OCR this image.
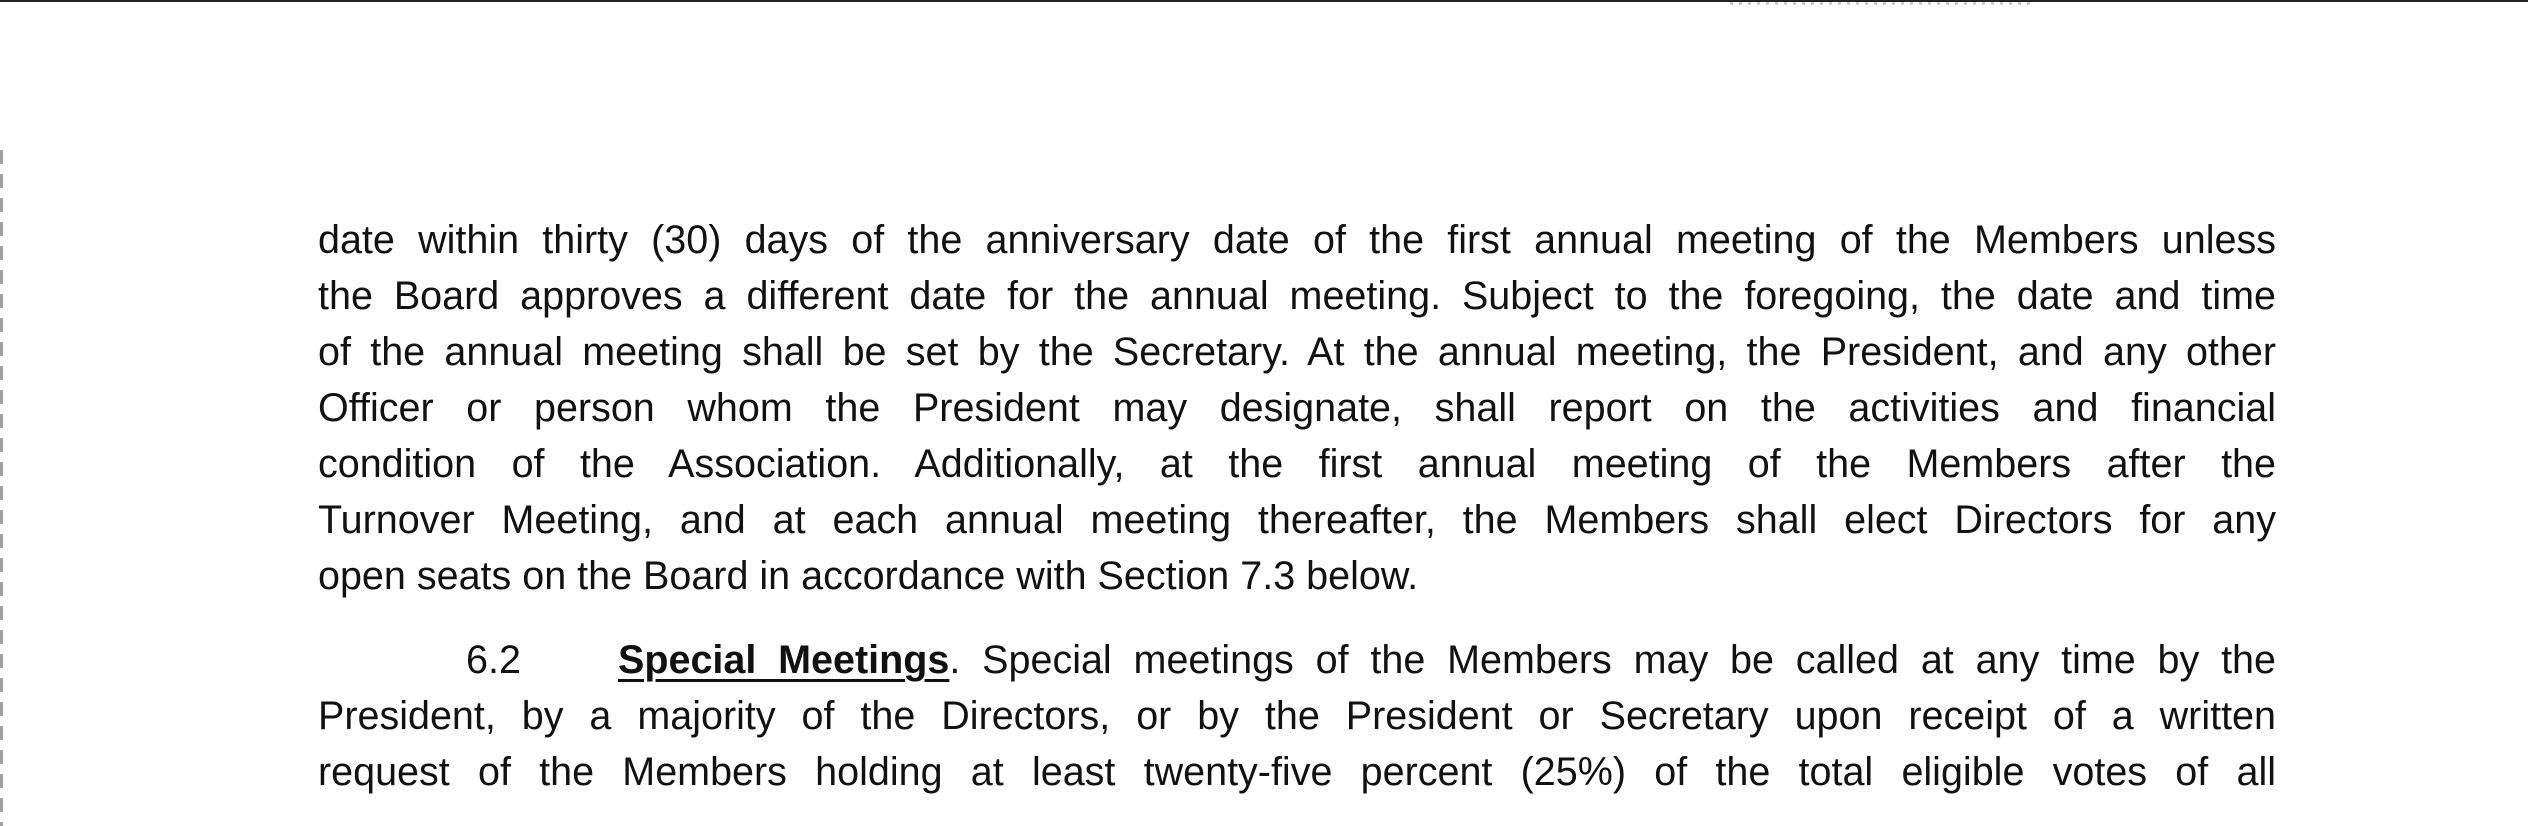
date within thirty (30) days of the anniversary date of the first annual meeting of the Members unless
the Board approves a different date for the annual meeting. Subject to the foregoing, the date and time
of the annual meeting shall be set by the Secretary. At the annual meeting, the President, and any other
Officer or person whom the President may designate, shall report on the activities and financial
condition of the Association. Additionally, at the first annual meeting of the Members after the
Turnover Meeting, and at each annual meeting thereafter, the Members shall elect Directors for any
open seats on the Board in accordance with Section 7.3 below.
6.2 Special Meetings. Special meetings of the Members may be called at any time by the
President, by a majority of the Directors, or by the President or Secretary upon receipt of a written
request of the Members holding at least twenty-five percent (25%) of the total eligible votes of all
